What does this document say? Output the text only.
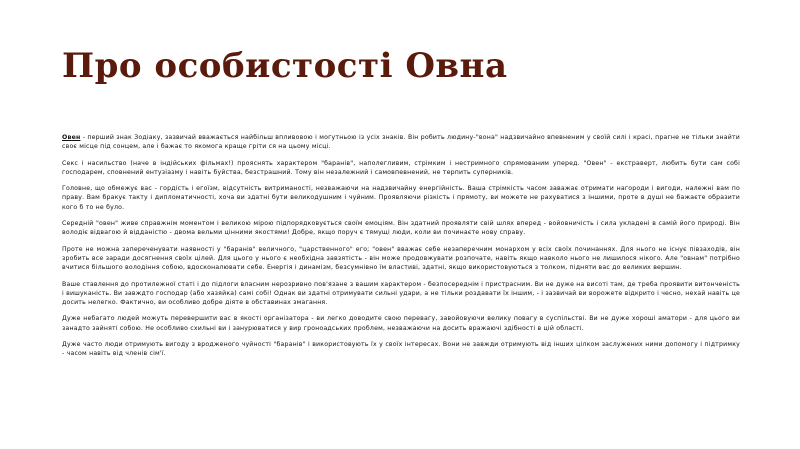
Про особистості Овна

Овен - перший знак Зодіаку, зазвичай вважається найбільш впливовою і могутньою із усіх знаків. Він робить людину-"вона" надзвичайно впевненим у своїй силі і красі, прагне не тільки знайти своє місце під сонцем, але і бажає то якомога краще гріти ся на цьому місці.

Секс і насильство (наче в індійських фільмах!) прояснять характером "баранів", наполегливим, стрімким і нестримного спрямованим уперед. "Овен" - екстраверт, любить бути сам собі господарем, сповнений ентузіазму і навіть буйства, безстрашний. Тому він незалежний і самовпевнений, не терпить суперників.

Головне, що обмежує вас - гордість і егоїзм, відсутність витриманості, незважаючи на надзвичайну енергійність. Ваша стрімкість часом заважає отримати нагороди і вигоди, належні вам по праву. Вам бракує такту і дипломатичності, хоча ви здатні бути великодушним і чуйним. Проявляючи різкість і прямоту, ви можете не рахуватися з іншими, проте в душі не бажаєте образити кого б то не було.

Середній "овен" живе справжнім моментом і великою мірою підпорядковується своїм емоціям. Він здатний проявляти свій шлях вперед - войовничість і сила укладені в самій його природі. Він володіє відвагою й відданістю - двома вельми цінними якостями! Добре, якщо поруч є тямущі люди, коли ви починаєте нову справу.

Проте не можна запереченувати наявності у "баранів" величного, "царственного" его; "овен" вважає себе незаперечним монархом у всіх своїх починаннях. Для нього не існує півзаходів, він зробить все заради досягнення своїх цілей. Для цього у нього є необхідна завзятість - він може продовжувати розпочате, навіть якщо навколо нього не лишилося нікого. Але "овнам" потрібно вчитися більшого володіння собою, вдосконалювати себе. Енергія і динамізм, безсумнівно їм властиві, здатні, якщо використовуються з толком, підняти вас до великих вершин.

Ваше ставлення до протилежної статі і до підлоги власним нерозривно пов'язане з вашим характером - безпосереднім і пристрасним. Ви не дуже на висоті там, де треба проявити витонченість і вишуканість. Ви завждто господар (або хазяйка) самі собі! Однак ви здатні отримувати сильні удари, а не тільки роздавати їх іншим, - і зазвичай ви ворожете відкрито і чесно, нехай навіть це досить нелегко. Фактично, ви особливо добре діяте в обставинах змагання.

Дуже небагато людей можуть перевершити вас в якості організатора - ви легко доводите свою перевагу, завойовуючи велику повагу в суспільстві. Ви не дуже хороші аматори - для цього ви занадто зайняті собою. Не особливо схильні ви і занурюватися у вир гроноадських проблем, незважаючи на досить вражаючі здібності в цій області.

Дуже часто люди отримують вигоду з вродженого чуйності "баранів" і використовують їх у своїх інтересах. Вони не завжди отримують від інших цілком заслужених ними допомогу і підтримку - часом навіть від членів сім'ї.
